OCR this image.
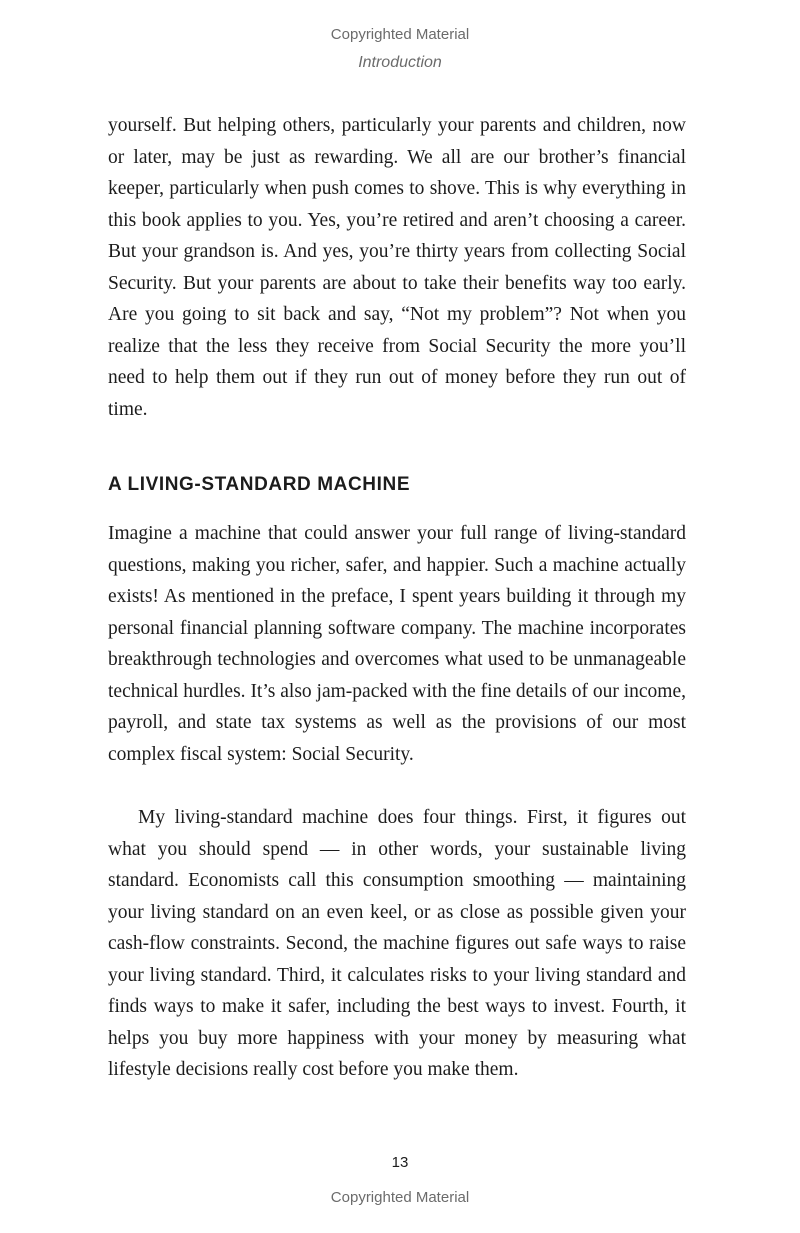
Copyrighted Material
Introduction

yourself. But helping others, particularly your parents and children, now or later, may be just as rewarding. We all are our brother’s financial keeper, particularly when push comes to shove. This is why everything in this book applies to you. Yes, you’re retired and aren’t choosing a career. But your grandson is. And yes, you’re thirty years from collecting Social Security. But your parents are about to take their benefits way too early. Are you going to sit back and say, “Not my problem”? Not when you realize that the less they receive from Social Security the more you’ll need to help them out if they run out of money before they run out of time.

A LIVING-STANDARD MACHINE

Imagine a machine that could answer your full range of living-standard questions, making you richer, safer, and happier. Such a machine actually exists! As mentioned in the preface, I spent years building it through my personal financial planning software company. The machine incorporates breakthrough technologies and overcomes what used to be unmanageable technical hurdles. It’s also jam-packed with the fine details of our income, payroll, and state tax systems as well as the provisions of our most complex fiscal system: Social Security.

My living-standard machine does four things. First, it figures out what you should spend — in other words, your sustainable living standard. Economists call this consumption smoothing — maintaining your living standard on an even keel, or as close as possible given your cash-flow constraints. Second, the machine figures out safe ways to raise your living standard. Third, it calculates risks to your living standard and finds ways to make it safer, including the best ways to invest. Fourth, it helps you buy more happiness with your money by measuring what lifestyle decisions really cost before you make them.

13
Copyrighted Material
